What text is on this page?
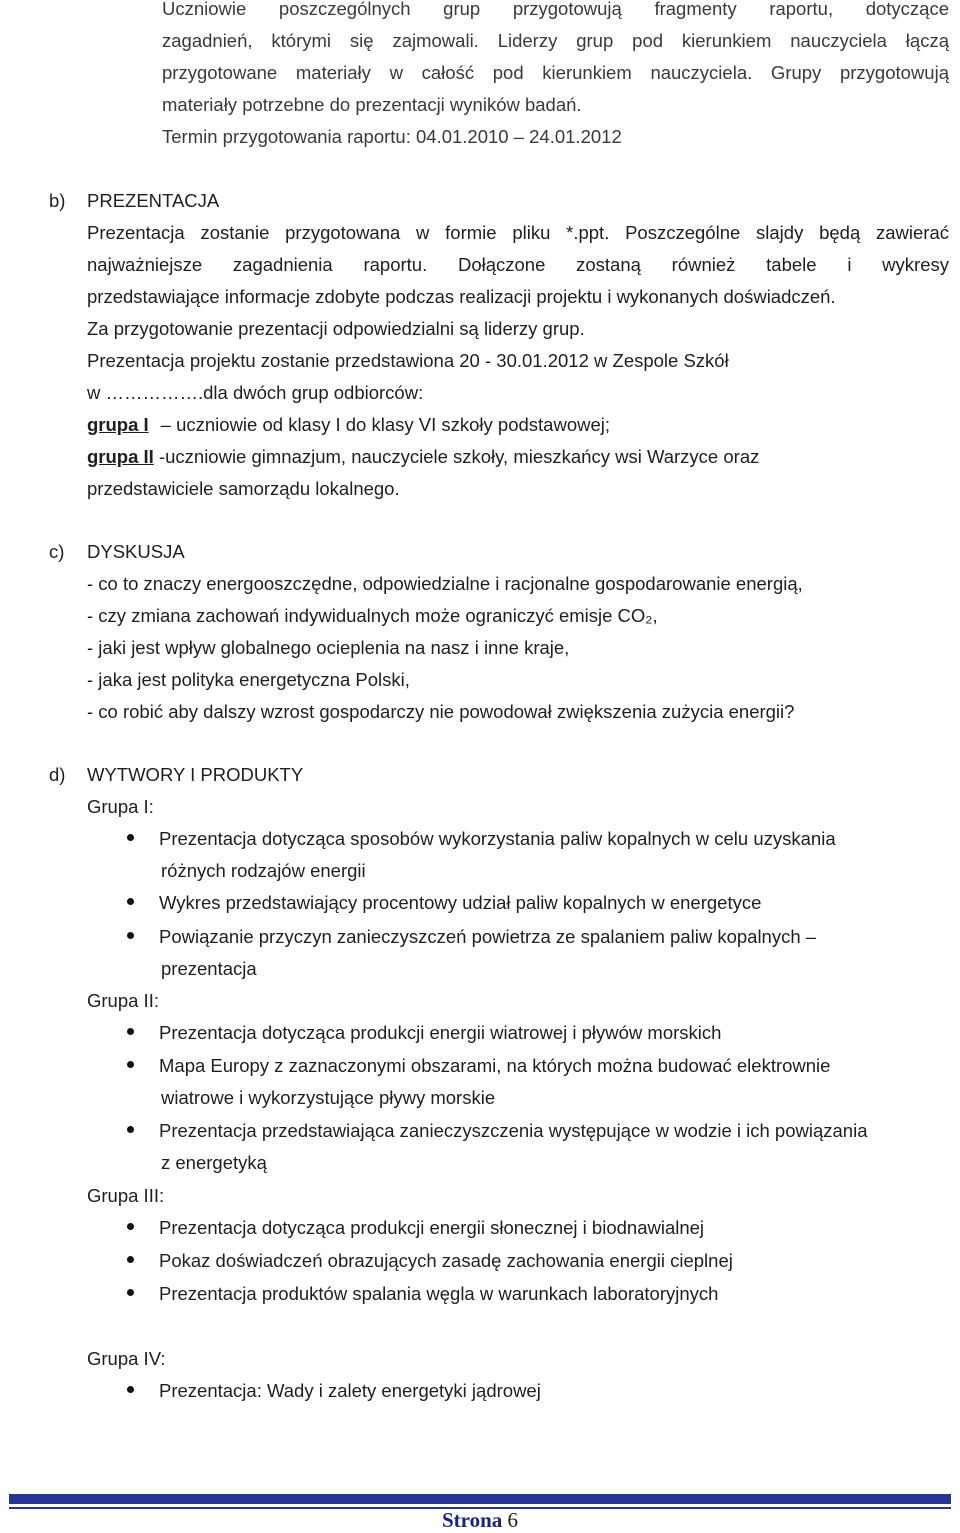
Uczniowie poszczególnych grup przygotowują fragmenty raportu, dotyczące
zagadnień, którymi się zajmowali. Liderzy grup pod kierunkiem nauczyciela łączą
przygotowane materiały w całość pod kierunkiem nauczyciela. Grupy przygotowują
materiały potrzebne do prezentacji wyników badań.
Termin przygotowania raportu: 04.01.2010 – 24.01.2012
b) PREZENTACJA
Prezentacja zostanie przygotowana w formie pliku *.ppt. Poszczególne slajdy będą zawierać
najważniejsze zagadnienia raportu. Dołączone zostaną również tabele i wykresy
przedstawiające informacje zdobyte podczas realizacji projektu i wykonanych doświadczeń.
Za przygotowanie prezentacji odpowiedzialni są liderzy grup.
Prezentacja projektu zostanie przedstawiona 20 - 30.01.2012 w Zespole Szkół
w …………….dla dwóch grup odbiorców:
grupa I – uczniowie od klasy I do klasy VI szkoły podstawowej;
grupa II -uczniowie gimnazjum, nauczyciele szkoły, mieszkańcy wsi Warzyce oraz
przedstawiciele samorządu lokalnego.
c) DYSKUSJA
- co to znaczy energooszczędne, odpowiedzialne i racjonalne gospodarowanie energią,
- czy zmiana zachowań indywidualnych może ograniczyć emisje CO₂,
- jaki jest wpływ globalnego ocieplenia na nasz i inne kraje,
- jaka jest polityka energetyczna Polski,
- co robić aby dalszy wzrost gospodarczy nie powodował zwiększenia zużycia energii?
d) WYTWORY I PRODUKTY
Grupa I:
Prezentacja dotycząca sposobów wykorzystania paliw kopalnych w celu uzyskania
różnych rodzajów energii
Wykres przedstawiający procentowy udział paliw kopalnych w energetyce
Powiązanie przyczyn zanieczyszczeń powietrza ze spalaniem paliw kopalnych –
prezentacja
Grupa II:
Prezentacja dotycząca produkcji energii wiatrowej i pływów morskich
Mapa Europy z zaznaczonymi obszarami, na których można budować elektrownie
wiatrowe i wykorzystujące pływy morskie
Prezentacja przedstawiająca zanieczyszczenia występujące w wodzie i ich powiązania
z energetyką
Grupa III:
Prezentacja dotycząca produkcji energii słonecznej i biodnawialnej
Pokaz doświadczeń obrazujących zasadę zachowania energii cieplnej
Prezentacja produktów spalania węgla w warunkach laboratoryjnych
Grupa IV:
Prezentacja: Wady i zalety energetyki jądrowej
Strona 6
